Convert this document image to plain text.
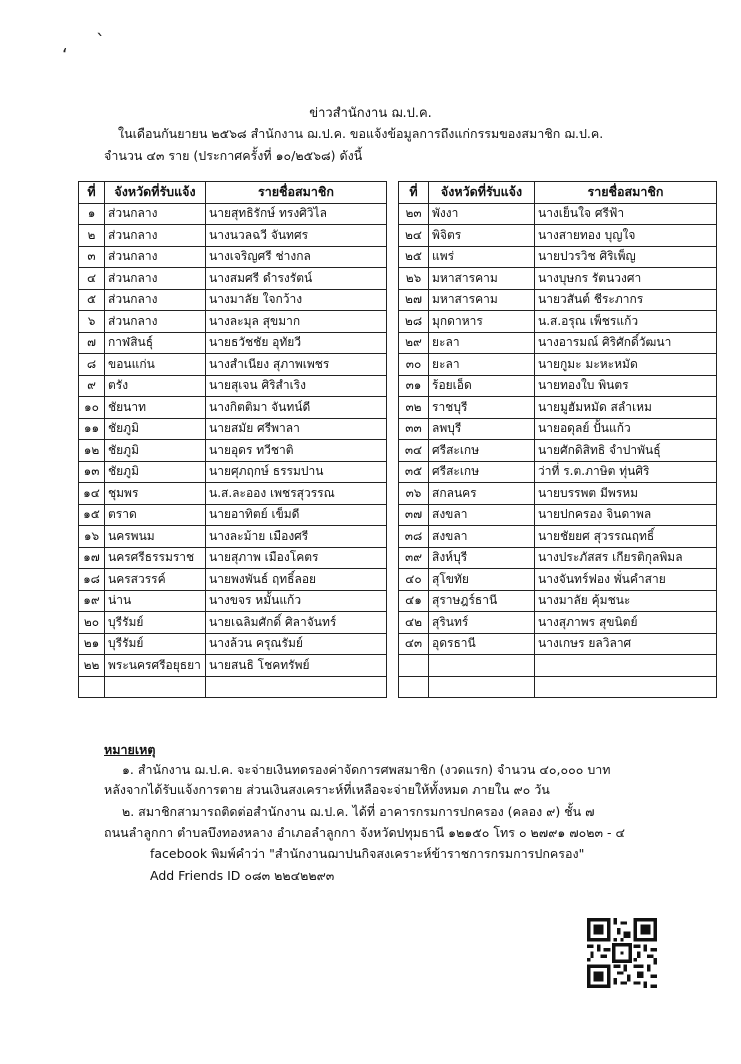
‘
`
ข่าวสำนักงาน ฌ.ป.ค.
ในเดือนกันยายน ๒๕๖๘ สำนักงาน ฌ.ป.ค. ขอแจ้งข้อมูลการถึงแก่กรรมของสมาชิก ฌ.ป.ค.
จำนวน ๔๓ ราย (ประกาศครั้งที่ ๑๐/๒๕๖๘) ดังนี้
ที่	จังหวัดที่รับแจ้ง	รายชื่อสมาชิก
๑	ส่วนกลาง	นายสุทธิรักษ์ ทรงศิวิไล
๒	ส่วนกลาง	นางนวลฉวี จันทศร
๓	ส่วนกลาง	นางเจริญศรี ช่างกล
๔	ส่วนกลาง	นางสมศรี ดำรงรัตน์
๕	ส่วนกลาง	นางมาลัย ใจกว้าง
๖	ส่วนกลาง	นางละมุล สุขมาก
๗	กาฬสินธุ์	นายธวัชชัย อุทัยวี
๘	ขอนแก่น	นางสำเนียง สุภาพเพชร
๙	ตรัง	นายสุเจน ศิริสำเริง
๑๐	ชัยนาท	นางกิตติมา จันทน์ดี
๑๑	ชัยภูมิ	นายสมัย ศรีพาลา
๑๒	ชัยภูมิ	นายอุดร ทวีชาติ
๑๓	ชัยภูมิ	นายศุภฤกษ์ ธรรมปาน
๑๔	ชุมพร	น.ส.ละออง เพชรสุวรรณ
๑๕	ตราด	นายอาทิตย์ เข็มดี
๑๖	นครพนม	นางละม้าย เมืองศรี
๑๗	นครศรีธรรมราช	นายสุภาพ เมืองโคตร
๑๘	นครสวรรค์	นายพงพันธ์ ฤทธิ์ลอย
๑๙	น่าน	นางขจร หมั้นแก้ว
๒๐	บุรีรัมย์	นายเฉลิมศักดิ์ ศิลาจันทร์
๒๑	บุรีรัมย์	นางล้วน ครุณรัมย์
๒๒	พระนครศรีอยุธยา	นายสนธิ โชคทรัพย์

ที่	จังหวัดที่รับแจ้ง	รายชื่อสมาชิก
๒๓	พังงา	นางเย็นใจ ศรีฟ้า
๒๔	พิจิตร	นางสายทอง บุญใจ
๒๕	แพร่	นายปวรวิช ศิริเพ็ญ
๒๖	มหาสารคาม	นางบุษกร รัตนวงศา
๒๗	มหาสารคาม	นายวสันต์ ชีระภากร
๒๘	มุกดาหาร	น.ส.อรุณ เพ็ชรแก้ว
๒๙	ยะลา	นางอารมณ์ ศิริศักดิ์วัฒนา
๓๐	ยะลา	นายกูมะ มะหะหมัด
๓๑	ร้อยเอ็ด	นายทองใบ พินตร
๓๒	ราชบุรี	นายมูฮัมหมัด สลำเหม
๓๓	ลพบุรี	นายอดุลย์ ปั้นแก้ว
๓๔	ศรีสะเกษ	นายศักดิสิทธิ จำปาพันธุ์
๓๕	ศรีสะเกษ	ว่าที่ ร.ต.ภาษิต ทุ่นศิริ
๓๖	สกลนคร	นายบรรพต มีพรหม
๓๗	สงขลา	นายปกครอง จินดาพล
๓๘	สงขลา	นายชัยยศ สุวรรณฤทธิ์
๓๙	สิงห์บุรี	นางประภัสสร เกียรติกุลพิมล
๔๐	สุโขทัย	นางจันทร์ฟอง พั่นคำสาย
๔๑	สุราษฎร์ธานี	นางมาลัย คุ้มชนะ
๔๒	สุรินทร์	นางสุภาพร สุขนิตย์
๔๓	อุดรธานี	นางเกษร ยลวิลาศ

หมายเหตุ
๑. สำนักงาน ฌ.ป.ค. จะจ่ายเงินทดรองค่าจัดการศพสมาชิก (งวดแรก) จำนวน ๔๐,๐๐๐ บาท
หลังจากได้รับแจ้งการตาย ส่วนเงินสงเคราะห์ที่เหลือจะจ่ายให้ทั้งหมด ภายใน ๙๐ วัน
๒. สมาชิกสามารถติดต่อสำนักงาน ฌ.ป.ค. ได้ที่ อาคารกรมการปกครอง (คลอง ๙) ชั้น ๗
ถนนลำลูกกา ตำบลบึงทองหลาง อำเภอลำลูกกา จังหวัดปทุมธานี ๑๒๑๕๐ โทร ๐ ๒๗๙๑ ๗๐๒๓ - ๔
facebook พิมพ์คำว่า "สำนักงานฌาปนกิจสงเคราะห์ข้าราชการกรมการปกครอง"
Add Friends ID ๐๘๓ ๒๒๔๒๒๙๓
